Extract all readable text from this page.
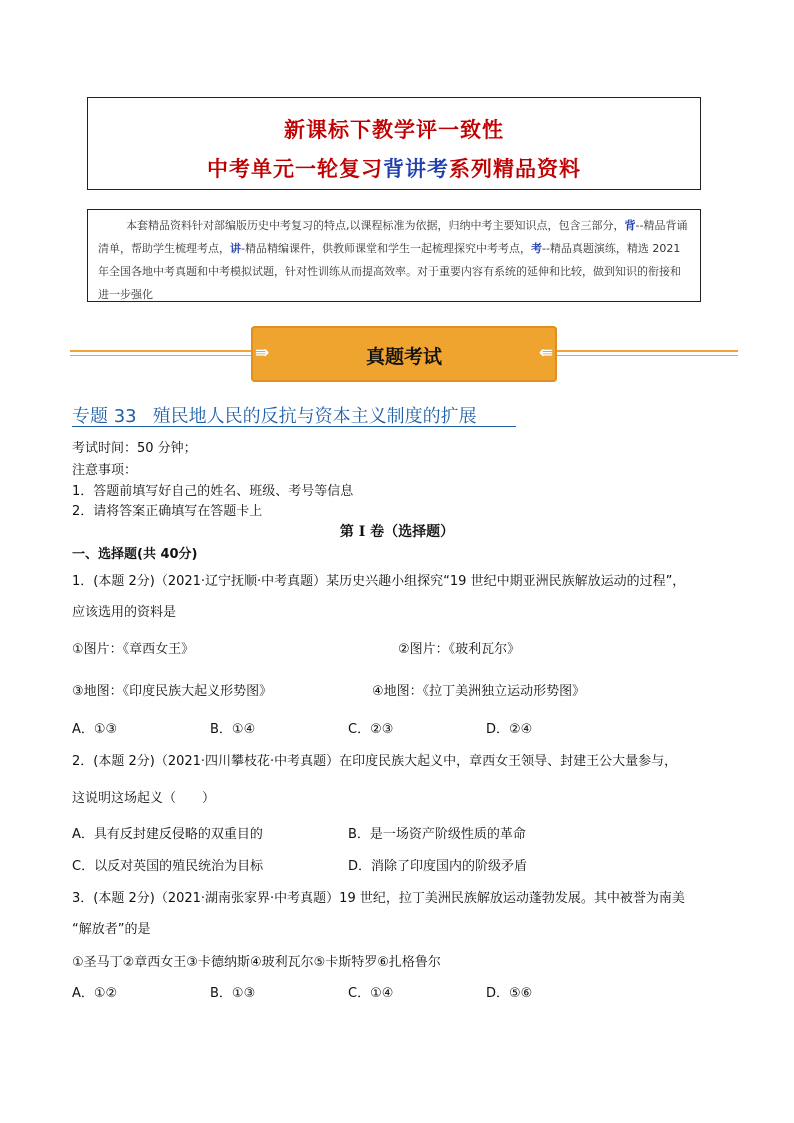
新课标下教学评一致性
中考单元一轮复习背讲考系列精品资料
本套精品资料针对部编版历史中考复习的特点,以课程标准为依据，归纳中考主要知识点，包含三部分，背--精品背诵清单，帮助学生梳理考点，讲-精品精编课件，供教师课堂和学生一起梳理探究中考考点，考--精品真题演练，精选 2021 年全国各地中考真题和中考模拟试题，针对性训练从而提高效率。对于重要内容有系统的延伸和比较，做到知识的衔接和进一步强化
⇛	真题考试	⇚
专题 33 殖民地人民的反抗与资本主义制度的扩展
考试时间：50 分钟；
注意事项：
1．答题前填写好自己的姓名、班级、考号等信息
2．请将答案正确填写在答题卡上
第 I 卷（选择题）
一、选择题(共 40分)
1．(本题 2分)（2021·辽宁抚顺·中考真题）某历史兴趣小组探究“19 世纪中期亚洲民族解放运动的过程”，
应该选用的资料是
①图片：《章西女王》	②图片：《玻利瓦尔》
③地图：《印度民族大起义形势图》	④地图：《拉丁美洲独立运动形势图》
A．①③	B．①④	C．②③	D．②④
2．(本题 2分)（2021·四川攀枝花·中考真题）在印度民族大起义中，章西女王领导、封建王公大量参与，
这说明这场起义（　　）
A．具有反封建反侵略的双重目的	B．是一场资产阶级性质的革命
C．以反对英国的殖民统治为目标	D．消除了印度国内的阶级矛盾
3．(本题 2分)（2021·湖南张家界·中考真题）19 世纪，拉丁美洲民族解放运动蓬勃发展。其中被誉为南美
“解放者”的是
①圣马丁②章西女王③卡德纳斯④玻利瓦尔⑤卡斯特罗⑥扎格鲁尔
A．①②	B．①③	C．①④	D．⑤⑥
